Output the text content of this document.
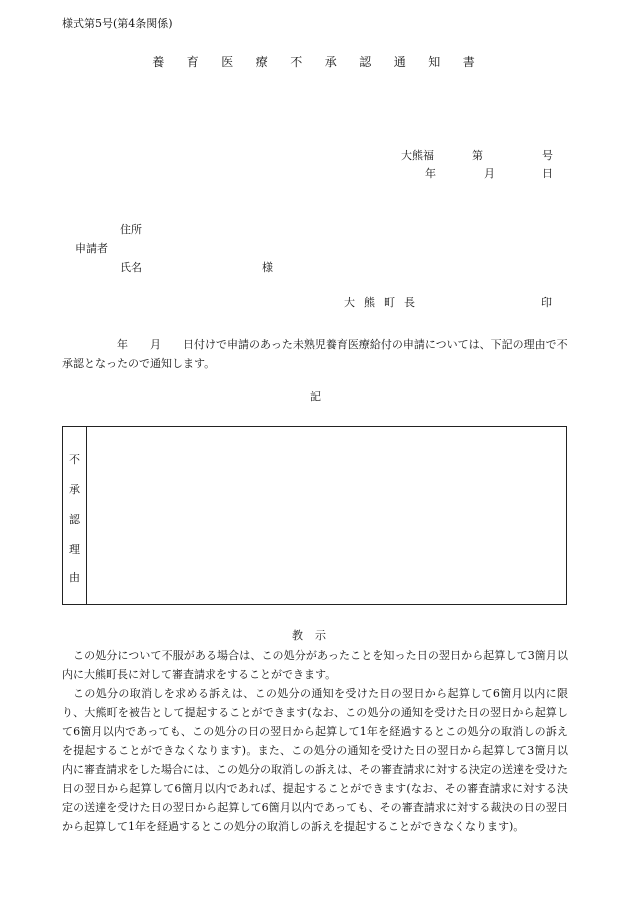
様式第5号(第4条関係)
養 育 医 療 不 承 認 通 知 書
大熊福	第	号
年	月	日
住所
申請者
氏名	様
大熊町長	印
　　　　　年　　月　　日付けで申請のあった未熟児養育医療給付の申請については、下記の理由で不承認となったので通知します。
記
不
承
認
理
由
教示
この処分について不服がある場合は、この処分があったことを知った日の翌日から起算して3箇月以内に大熊町長に対して審査請求をすることができます。
この処分の取消しを求める訴えは、この処分の通知を受けた日の翌日から起算して6箇月以内に限り、大熊町を被告として提起することができます(なお、この処分の通知を受けた日の翌日から起算して6箇月以内であっても、この処分の日の翌日から起算して1年を経過するとこの処分の取消しの訴えを提起することができなくなります)。また、この処分の通知を受けた日の翌日から起算して3箇月以内に審査請求をした場合には、この処分の取消しの訴えは、その審査請求に対する決定の送達を受けた日の翌日から起算して6箇月以内であれば、提起することができます(なお、その審査請求に対する決定の送達を受けた日の翌日から起算して6箇月以内であっても、その審査請求に対する裁決の日の翌日から起算して1年を経過するとこの処分の取消しの訴えを提起することができなくなります)。
